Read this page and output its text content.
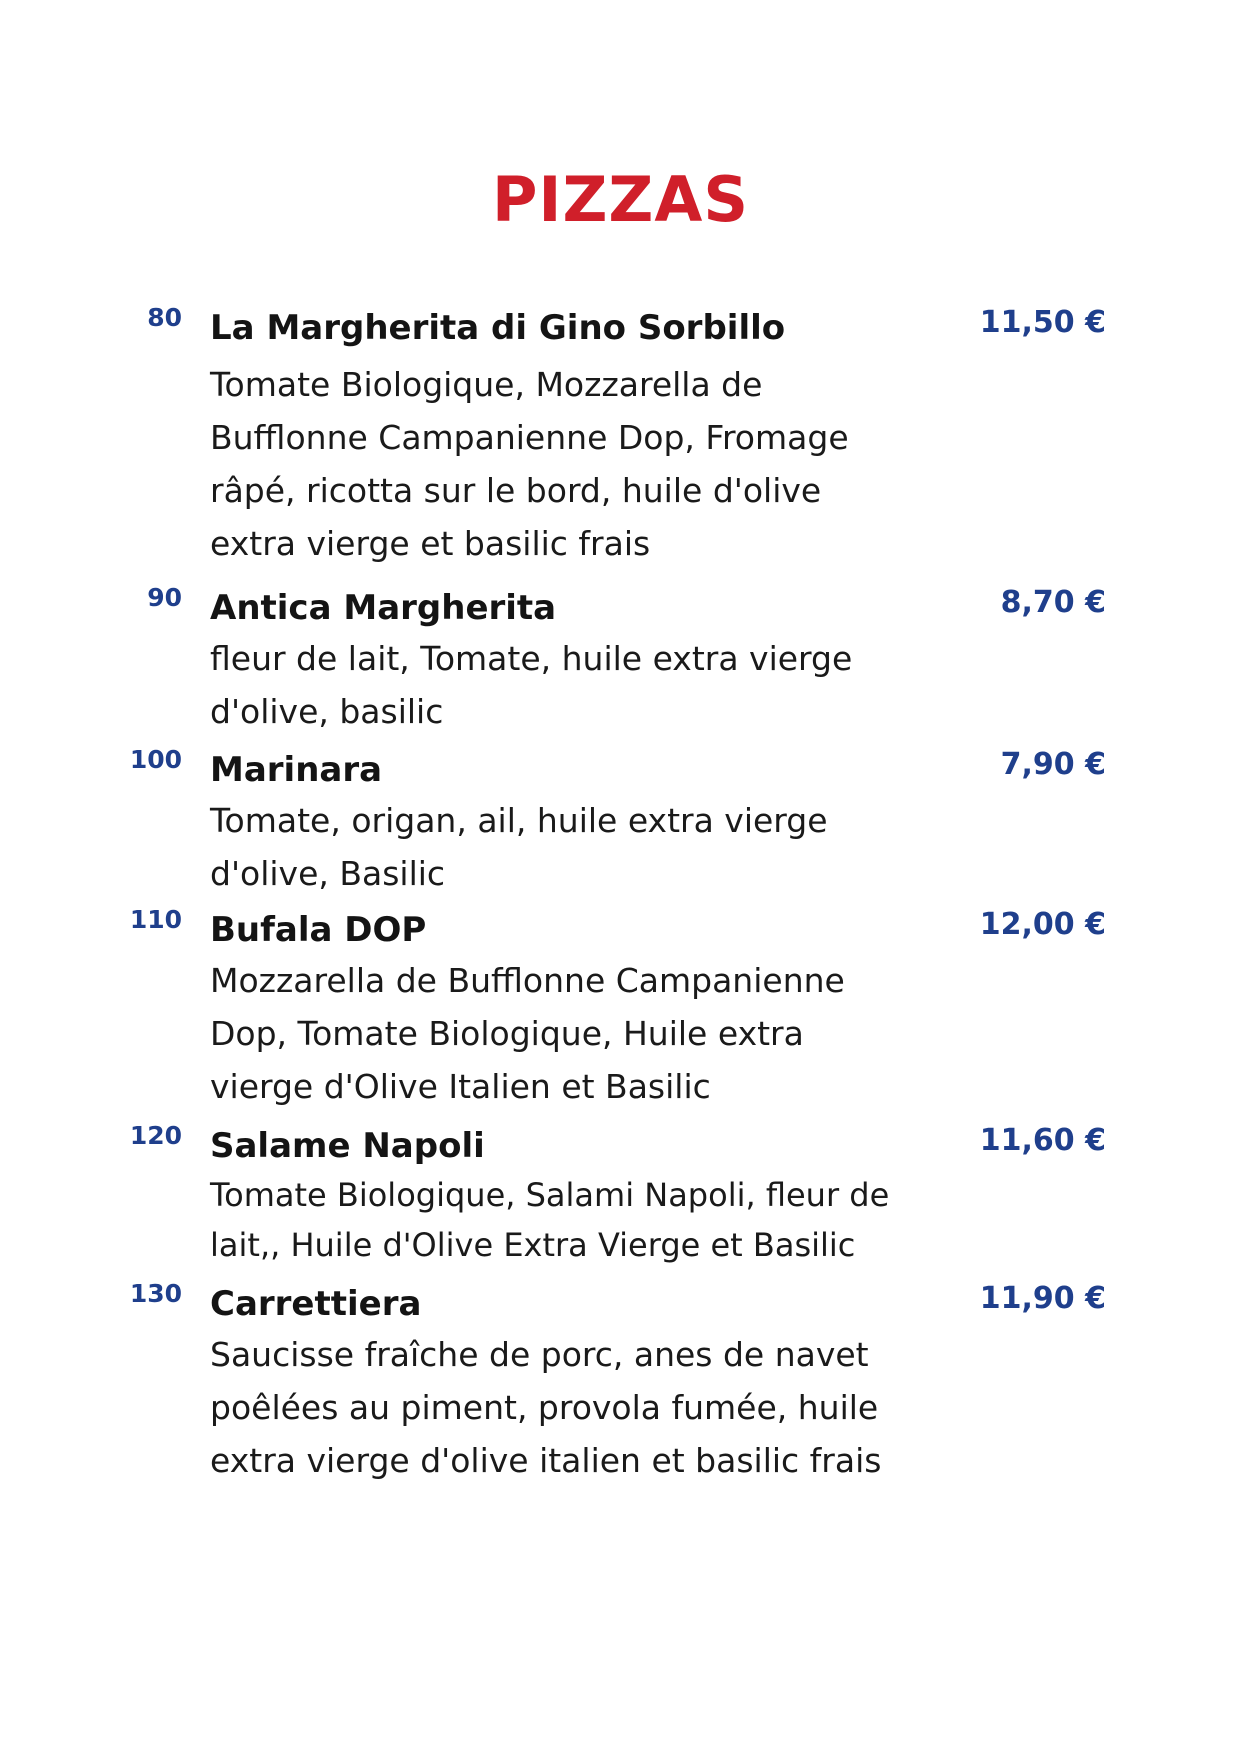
PIZZAS
80 La Margherita di Gino Sorbillo	11,50 €

Tomate Biologique, Mozzarella de Bufflonne Campanienne Dop, Fromage râpé, ricotta sur le bord, huile d'olive extra vierge et basilic frais

90 Antica Margherita	8,70 €

fleur de lait, Tomate, huile extra vierge d'olive, basilic

100 Marinara	7,90 €

Tomate, origan, ail, huile extra vierge d'olive, Basilic

110 Bufala DOP	12,00 €

Mozzarella de Bufflonne Campanienne Dop, Tomate Biologique, Huile extra vierge d'Olive Italien et Basilic

120 Salame Napoli	11,60 €

Tomate Biologique, Salami Napoli, fleur de lait,, Huile d'Olive Extra Vierge et Basilic

130 Carrettiera	11,90 €

Saucisse fraîche de porc, anes de navet poêlées au piment, provola fumée, huile extra vierge d'olive italien et basilic frais
